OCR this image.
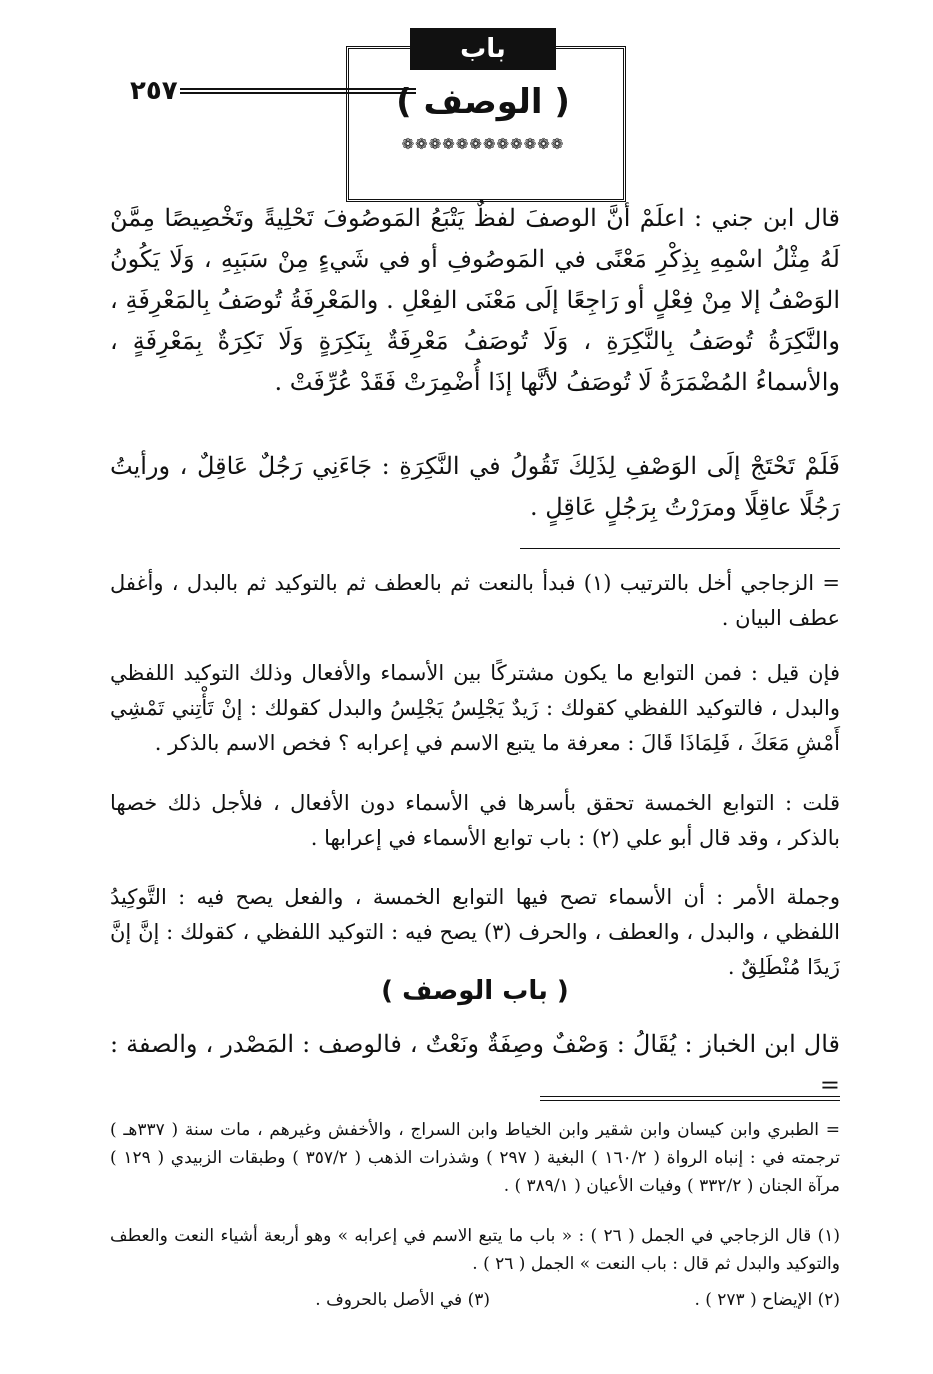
٢٥٧
باب
( الوصف )
❁❁❁❁❁❁❁❁❁❁❁❁
قال ابن جني : اعلَمْ أنَّ الوصفَ لفظٌ يَتْبَعُ المَوصُوفَ تَحْلِيةً وتَخْصِيصًا مِمَّنْ لَهُ مِثْلُ اسْمِهِ بِذِكْرِ مَعْنًى في المَوصُوفِ أو في شَيءٍ مِنْ سَبَبِهِ ، وَلَا يَكُونُ الوَصْفُ إلا مِنْ فِعْلٍ أو رَاجِعًا إلَى مَعْنَى الفِعْلِ . والمَعْرِفَةُ تُوصَفُ بِالمَعْرِفَةِ ، والنَّكِرَةُ تُوصَفُ بِالنَّكِرَةِ ، وَلَا تُوصَفُ مَعْرِفَةٌ بِنَكِرَةٍ وَلَا نَكِرَةٌ بِمَعْرِفَةٍ ، والأسماءُ المُضْمَرَةُ لَا تُوصَفُ لأنَّها إذَا أُضْمِرَتْ فَقَدْ عُرِّفَتْ .
فَلَمْ تَحْتَجْ إلَى الوَصْفِ لِذَلِكَ تَقُولُ في النَّكِرَةِ : جَاءَنِي رَجُلٌ عَاقِلٌ ، ورأيتُ رَجُلًا عاقِلًا ومرَرْتُ بِرَجُلٍ عَاقِلٍ .
= الزجاجي أخل بالترتيب (١) فبدأ بالنعت ثم بالعطف ثم بالتوكيد ثم بالبدل ، وأغفل عطف البيان .
فإن قيل : فمن التوابع ما يكون مشتركًا بين الأسماء والأفعال وذلك التوكيد اللفظي والبدل ، فالتوكيد اللفظي كقولك : زَيدٌ يَجْلِسُ يَجْلِسُ والبدل كقولك : إنْ تَأْتِني تَمْشِي أَمْشِ مَعَكَ ، فَلِمَاذَا قَالَ : معرفة ما يتبع الاسم في إعرابه ؟ فخص الاسم بالذكر .
قلت : التوابع الخمسة تحقق بأسرها في الأسماء دون الأفعال ، فلأجل ذلك خصها بالذكر ، وقد قال أبو علي (٢) : باب توابع الأسماء في إعرابها .
وجملة الأمر : أن الأسماء تصح فيها التوابع الخمسة ، والفعل يصح فيه : التَّوكِيدُ اللفظي ، والبدل ، والعطف ، والحرف (٣) يصح فيه : التوكيد اللفظي ، كقولك : إنَّ إنَّ زَيدًا مُنْطَلِقٌ .
( باب الوصف )
قال ابن الخباز : يُقَالُ : وَصْفٌ وصِفَةٌ ونَعْتٌ ، فالوصف : المَصْدر ، والصفة : =
= الطبري وابن كيسان وابن شقير وابن الخياط وابن السراج ، والأخفش وغيرهم ، مات سنة ( ٣٣٧هـ ) ترجمته في : إنباه الرواة ( ١٦٠/٢ ) البغية ( ٢٩٧ ) وشذرات الذهب ( ٣٥٧/٢ ) وطبقات الزبيدي ( ١٢٩ ) مرآة الجنان ( ٣٣٢/٢ ) وفيات الأعيان ( ٣٨٩/١ ) .
(١) قال الزجاجي في الجمل ( ٢٦ ) : « باب ما يتبع الاسم في إعرابه » وهو أربعة أشياء النعت والعطف والتوكيد والبدل ثم قال : باب النعت » الجمل ( ٢٦ ) .
(٢) الإيضاح ( ٢٧٣ ) .
(٣) في الأصل بالحروف .
